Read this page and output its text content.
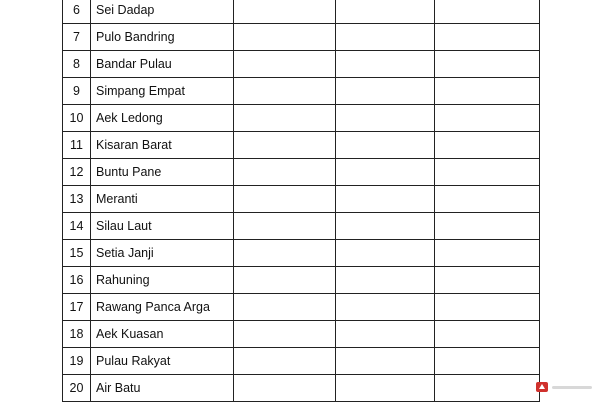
6	Sei Dadap			
7	Pulo Bandring			
8	Bandar Pulau			
9	Simpang Empat			
10	Aek Ledong			
11	Kisaran Barat			
12	Buntu Pane			
13	Meranti			
14	Silau Laut			
15	Setia Janji			
16	Rahuning			
17	Rawang Panca Arga			
18	Aek Kuasan			
19	Pulau Rakyat			
20	Air Batu			
